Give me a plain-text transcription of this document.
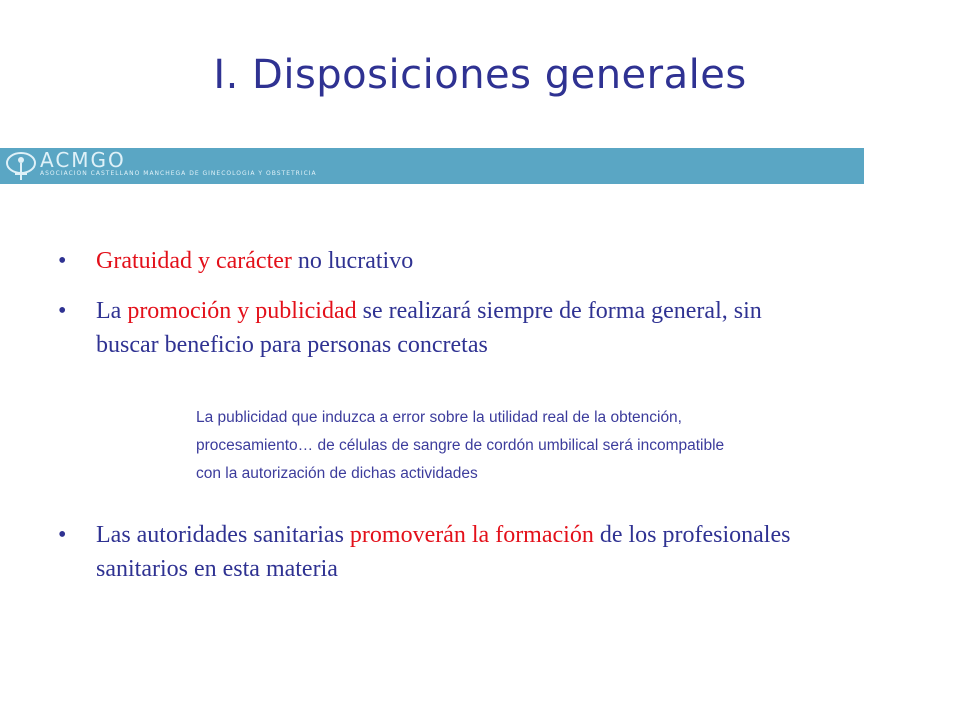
I. Disposiciones generales
ACMGO
ASOCIACION CASTELLANO MANCHEGA DE GINECOLOGIA Y OBSTETRICIA
• Gratuidad y carácter no lucrativo
• La promoción y publicidad se realizará siempre de forma general, sin buscar beneficio para personas concretas
• Las autoridades sanitarias promoverán la formación de los profesionales sanitarios en esta materia
La publicidad que induzca a error sobre la utilidad real de la obtención,
procesamiento… de células de sangre de cordón umbilical será incompatible
con la autorización de dichas actividades
